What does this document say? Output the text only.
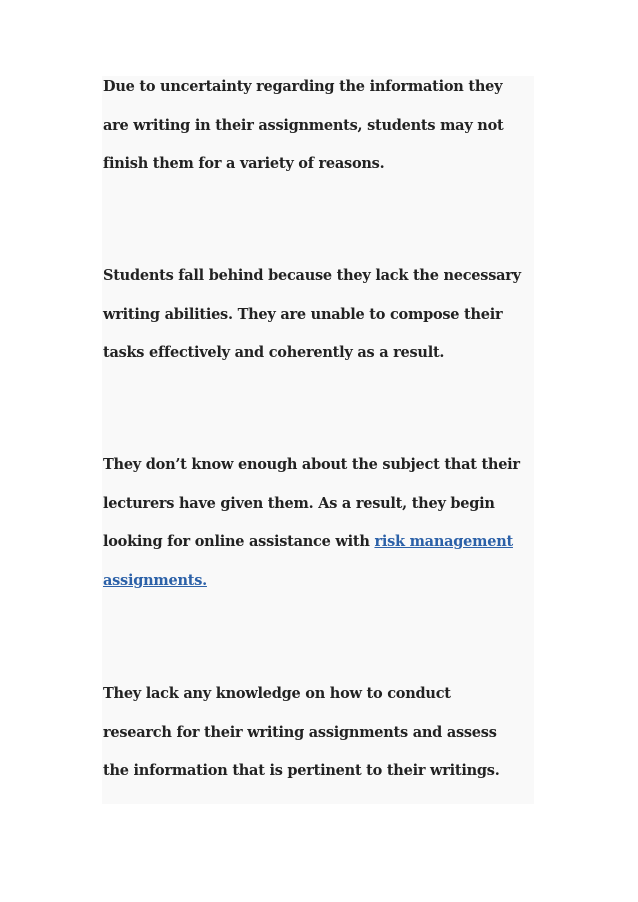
Due to uncertainty regarding the information they
are writing in their assignments, students may not
finish them for a variety of reasons.

Students fall behind because they lack the necessary
writing abilities. They are unable to compose their
tasks effectively and coherently as a result.

They don’t know enough about the subject that their
lecturers have given them. As a result, they begin
looking for online assistance with risk management
assignments.

They lack any knowledge on how to conduct
research for their writing assignments and assess
the information that is pertinent to their writings.
